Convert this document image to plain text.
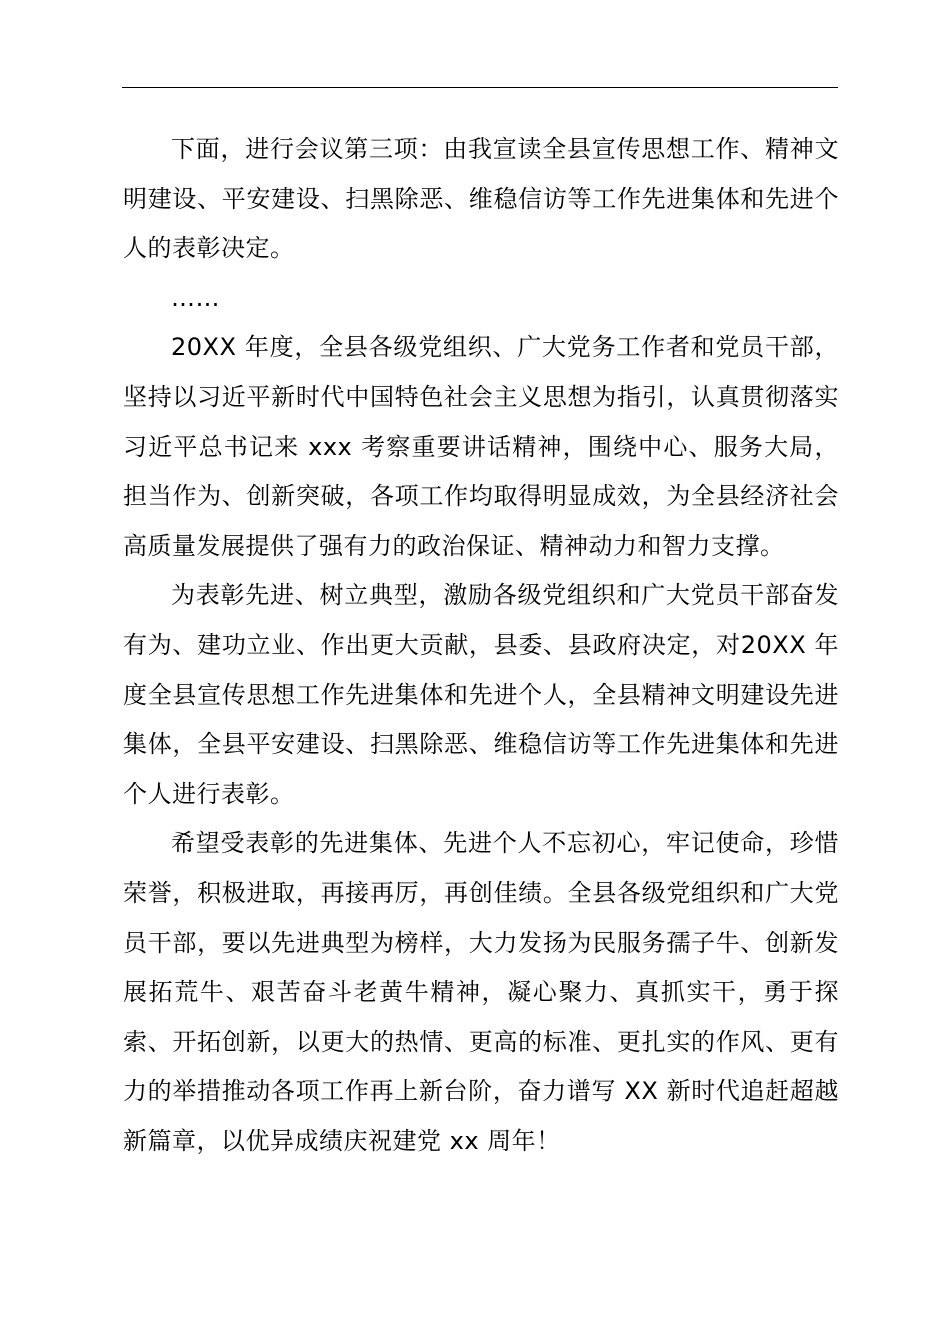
下面，进行会议第三项：由我宣读全县宣传思想工作、精神文明建设、平安建设、扫黑除恶、维稳信访等工作先进集体和先进个人的表彰决定。

……

20XX 年度，全县各级党组织、广大党务工作者和党员干部，坚持以习近平新时代中国特色社会主义思想为指引，认真贯彻落实习近平总书记来 xxx 考察重要讲话精神，围绕中心、服务大局，担当作为、创新突破，各项工作均取得明显成效，为全县经济社会高质量发展提供了强有力的政治保证、精神动力和智力支撑。

为表彰先进、树立典型，激励各级党组织和广大党员干部奋发有为、建功立业、作出更大贡献，县委、县政府决定，对20XX 年度全县宣传思想工作先进集体和先进个人，全县精神文明建设先进集体，全县平安建设、扫黑除恶、维稳信访等工作先进集体和先进个人进行表彰。

希望受表彰的先进集体、先进个人不忘初心，牢记使命，珍惜荣誉，积极进取，再接再厉，再创佳绩。全县各级党组织和广大党员干部，要以先进典型为榜样，大力发扬为民服务孺子牛、创新发展拓荒牛、艰苦奋斗老黄牛精神，凝心聚力、真抓实干，勇于探索、开拓创新，以更大的热情、更高的标准、更扎实的作风、更有力的举措推动各项工作再上新台阶，奋力谱写 XX 新时代追赶超越新篇章，以优异成绩庆祝建党 xx 周年！
